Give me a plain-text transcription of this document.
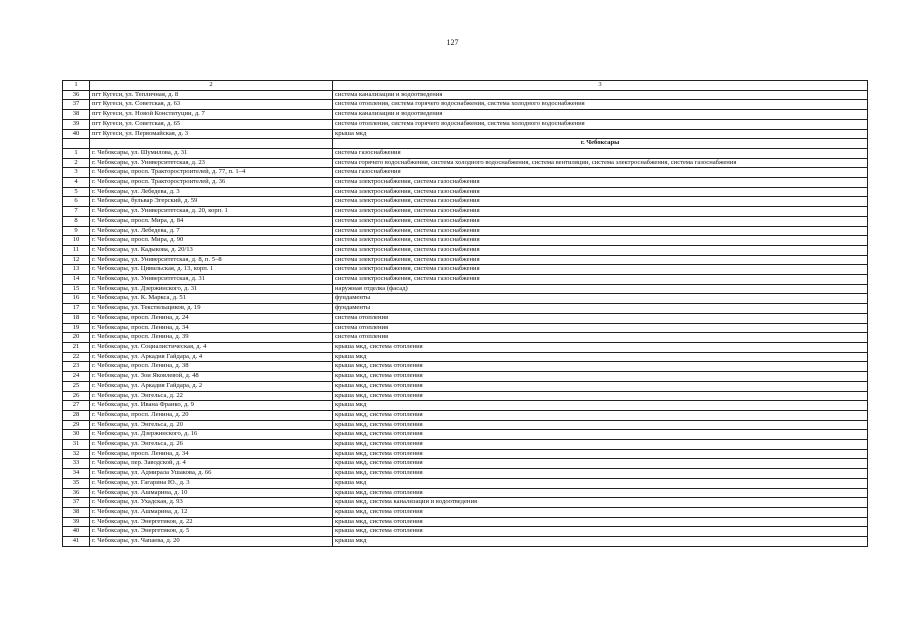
127
1	2	3
36	пгт Кугеси, ул. Тепличная, д. 8	система канализации и водоотведения
37	пгт Кугеси, ул. Советская, д. 63	система отопления, система горячего водоснабжения, система холодного водоснабжения
38	пгт Кугеси, ул. Новой Конституции, д. 7	система канализации и водоотведения
39	пгт Кугеси, ул. Советская, д. 65	система отопления, система горячего водоснабжения, система холодного водоснабжения
40	пгт Кугеси, ул. Первомайская, д. 3	крыша мкд
		г. Чебоксары
1	г. Чебоксары, ул. Шумилова, д. 31	система газоснабжения
2	г. Чебоксары, ул. Университетская, д. 23	система горячего водоснабжения, система холодного водоснабжения, система вентиляции, система электроснабжения, система газоснабжения
3	г. Чебоксары, просп. Тракторостроителей, д. 77, п. 1–4	система газоснабжения
4	г. Чебоксары, просп. Тракторостроителей, д. 36	система электроснабжения, система газоснабжения
5	г. Чебоксары, ул. Лебедева, д. 3	система электроснабжения, система газоснабжения
6	г. Чебоксары, бульвар Эгерский, д. 59	система электроснабжения, система газоснабжения
7	г. Чебоксары, ул. Университетская, д. 20, корп. 1	система электроснабжения, система газоснабжения
8	г. Чебоксары, просп. Мира, д. 84	система электроснабжения, система газоснабжения
9	г. Чебоксары, ул. Лебедева, д. 7	система электроснабжения, система газоснабжения
10	г. Чебоксары, просп. Мира, д. 90	система электроснабжения, система газоснабжения
11	г. Чебоксары, ул. Кадыкова, д. 20/13	система электроснабжения, система газоснабжения
12	г. Чебоксары, ул. Университетская, д. 8, п. 5–8	система электроснабжения, система газоснабжения
13	г. Чебоксары, ул. Цивильская, д. 13, корп. 1	система электроснабжения, система газоснабжения
14	г. Чебоксары, ул. Университетская, д. 31	система электроснабжения, система газоснабжения
15	г. Чебоксары, ул. Дзержинского, д. 31	наружная отделка (фасад)
16	г. Чебоксары, ул. К. Маркса, д. 51	фундаменты
17	г. Чебоксары, ул. Текстильщиков, д. 19	фундаменты
18	г. Чебоксары, просп. Ленина, д. 24	система отопления
19	г. Чебоксары, просп. Ленина, д. 34	система отопления
20	г. Чебоксары, просп. Ленина, д. 39	система отопления
21	г. Чебоксары, ул. Социалистическая, д. 4	крыша мкд, система отопления
22	г. Чебоксары, ул. Аркадия Гайдара, д. 4	крыша мкд
23	г. Чебоксары, просп. Ленина, д. 38	крыша мкд, система отопления
24	г. Чебоксары, ул. Зои Яковлевой, д. 48	крыша мкд, система отопления
25	г. Чебоксары, ул. Аркадия Гайдара, д. 2	крыша мкд, система отопления
26	г. Чебоксары, ул. Энгельса, д. 22	крыша мкд, система отопления
27	г. Чебоксары, ул. Ивана Франко, д. 9	крыша мкд
28	г. Чебоксары, просп. Ленина, д. 20	крыша мкд, система отопления
29	г. Чебоксары, ул. Энгельса, д. 20	крыша мкд, система отопления
30	г. Чебоксары, ул. Дзержинского, д. 16	крыша мкд, система отопления
31	г. Чебоксары, ул. Энгельса, д. 26	крыша мкд, система отопления
32	г. Чебоксары, просп. Ленина, д. 34	крыша мкд, система отопления
33	г. Чебоксары, пер. Заводской, д. 4	крыша мкд, система отопления
34	г. Чебоксары, ул. Адмирала Ушакова, д. 66	крыша мкд, система отопления
35	г. Чебоксары, ул. Гагарина Ю., д. 3	крыша мкд
36	г. Чебоксары, ул. Ашмарина, д. 10	крыша мкд, система отопления
37	г. Чебоксары, ул. Ухадская, д. 93	крыша мкд, система канализации и водоотведения
38	г. Чебоксары, ул. Ашмарина, д. 12	крыша мкд, система отопления
39	г. Чебоксары, ул. Энергетиков, д. 22	крыша мкд, система отопления
40	г. Чебоксары, ул. Энергетиков, д. 5	крыша мкд, система отопления
41	г. Чебоксары, ул. Чапаева, д. 20	крыша мкд
